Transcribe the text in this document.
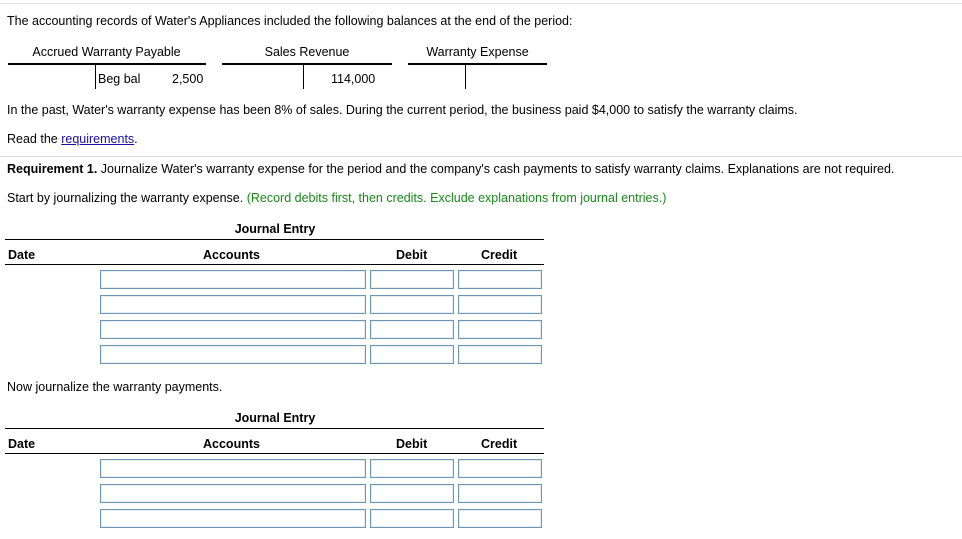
The accounting records of Water's Appliances included the following balances at the end of the period:
Accrued Warranty Payable
Beg bal	2,500
Sales Revenue
114,000
Warranty Expense
In the past, Water's warranty expense has been 8% of sales. During the current period, the business paid $4,000 to satisfy the warranty claims.
Read the requirements.
Requirement 1. Journalize Water's warranty expense for the period and the company's cash payments to satisfy warranty claims. Explanations are not required.
Start by journalizing the warranty expense. (Record debits first, then credits. Exclude explanations from journal entries.)
Journal Entry
Date	Accounts	Debit	Credit
Now journalize the warranty payments.
Journal Entry
Date	Accounts	Debit	Credit
